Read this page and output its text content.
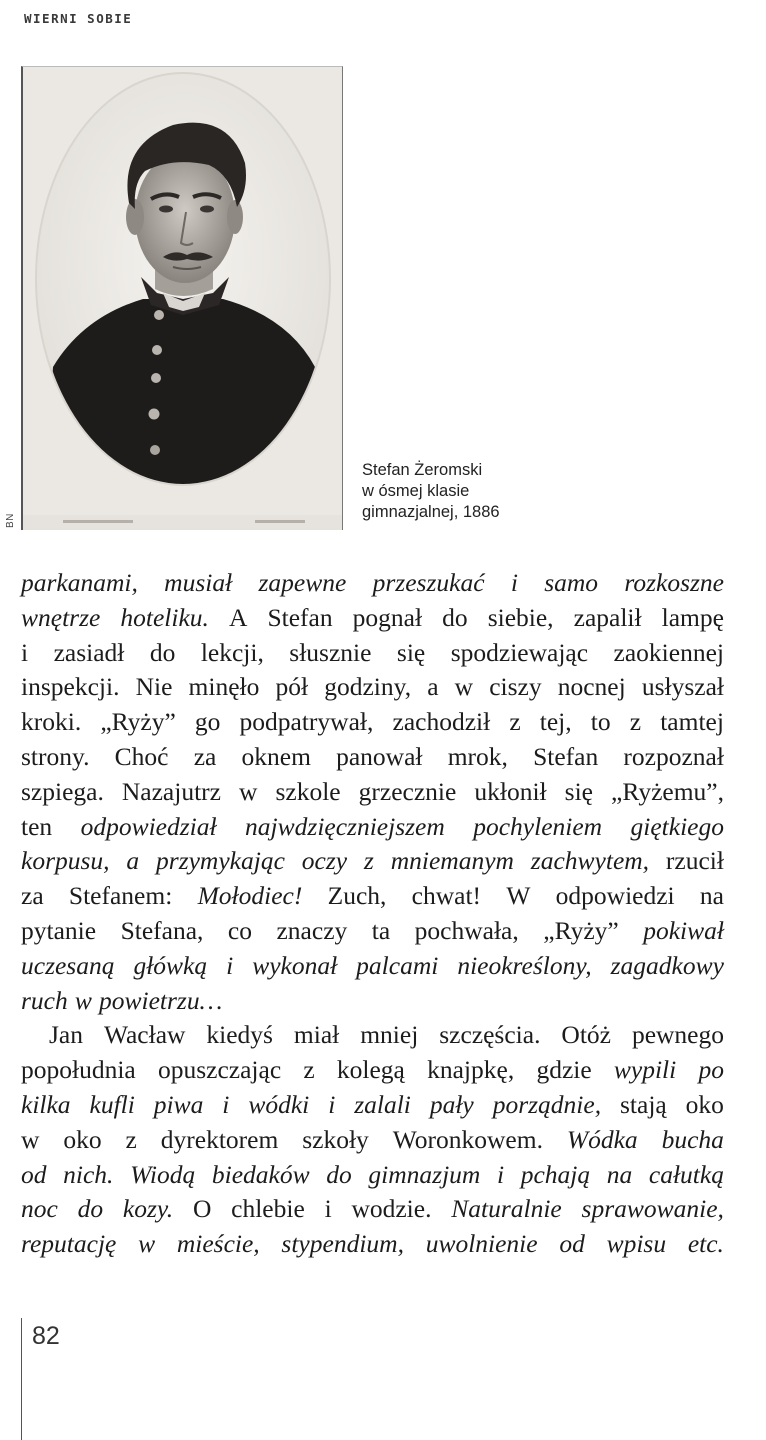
WIERNI SOBIE
BN
Stefan Żeromski
w ósmej klasie
gimnazjalnej, 1886
parkanami, musiał zapewne przeszukać i samo rozkoszne
wnętrze hoteliku. A Stefan pognał do siebie, zapalił lampę
i zasiadł do lekcji, słusznie się spodziewając zaokiennej
inspekcji. Nie minęło pół godziny, a w ciszy nocnej usłyszał
kroki. „Ryży” go podpatrywał, zachodził z tej, to z tamtej
strony. Choć za oknem panował mrok, Stefan rozpoznał
szpiega. Nazajutrz w szkole grzecznie ukłonił się „Ryżemu”,
ten odpowiedział najwdzięczniejszem pochyleniem giętkiego
korpusu, a przymykając oczy z mniemanym zachwytem, rzucił
za Stefanem: Mołodiec! Zuch, chwat! W odpowiedzi na
pytanie Stefana, co znaczy ta pochwała, „Ryży” pokiwał
uczesaną główką i wykonał palcami nieokreślony, zagadkowy
ruch w powietrzu…
Jan Wacław kiedyś miał mniej szczęścia. Otóż pewnego
popołudnia opuszczając z kolegą knajpkę, gdzie wypili po
kilka kufli piwa i wódki i zalali pały porządnie, stają oko
w oko z dyrektorem szkoły Woronkowem. Wódka bucha
od nich. Wiodą biedaków do gimnazjum i pchają na całutką
noc do kozy. O chlebie i wodzie. Naturalnie sprawowanie,
reputację w mieście, stypendium, uwolnienie od wpisu etc.
82
